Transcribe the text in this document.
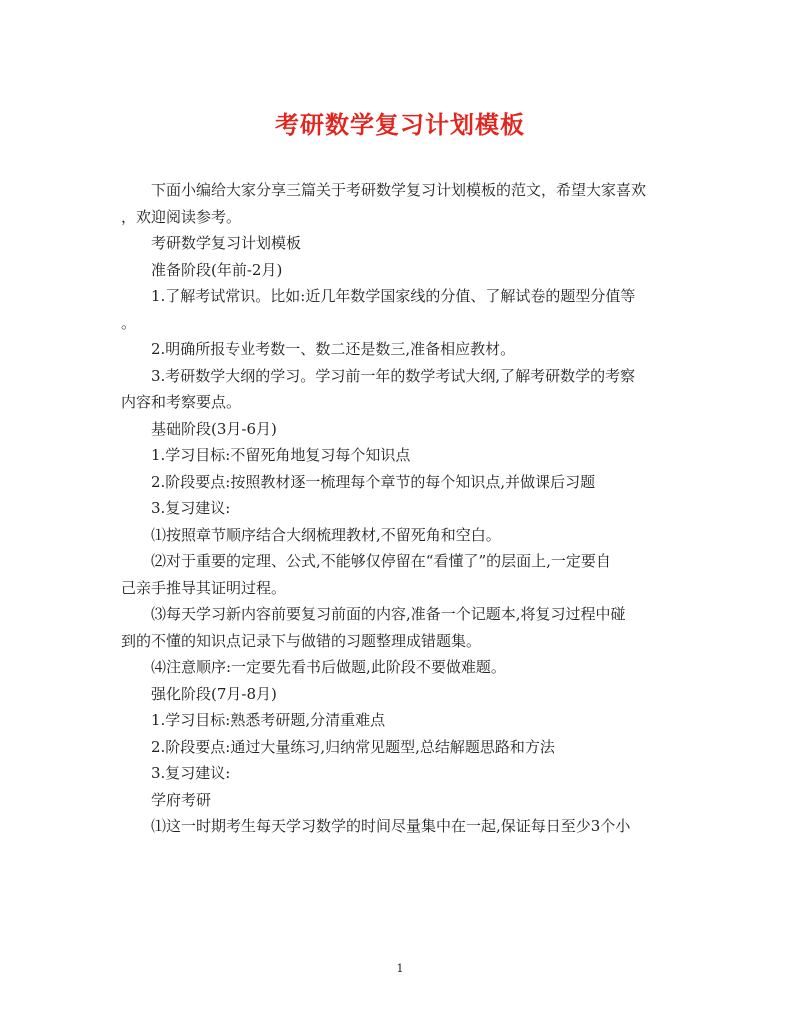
考研数学复习计划模板
下面小编给大家分享三篇关于考研数学复习计划模板的范文，希望大家喜欢
，欢迎阅读参考。
考研数学复习计划模板
准备阶段(年前-2月)
1.了解考试常识。比如:近几年数学国家线的分值、了解试卷的题型分值等
。
2.明确所报专业考数一、数二还是数三,准备相应教材。
3.考研数学大纲的学习。学习前一年的数学考试大纲,了解考研数学的考察
内容和考察要点。
基础阶段(3月-6月)
1.学习目标:不留死角地复习每个知识点
2.阶段要点:按照教材逐一梳理每个章节的每个知识点,并做课后习题
3.复习建议:
⑴按照章节顺序结合大纲梳理教材,不留死角和空白。
⑵对于重要的定理、公式,不能够仅停留在“看懂了”的层面上,一定要自
己亲手推导其证明过程。
⑶每天学习新内容前要复习前面的内容,准备一个记题本,将复习过程中碰
到的不懂的知识点记录下与做错的习题整理成错题集。
⑷注意顺序:一定要先看书后做题,此阶段不要做难题。
强化阶段(7月-8月)
1.学习目标:熟悉考研题,分清重难点
2.阶段要点:通过大量练习,归纳常见题型,总结解题思路和方法
3.复习建议:
学府考研
⑴这一时期考生每天学习数学的时间尽量集中在一起,保证每日至少3个小
1
